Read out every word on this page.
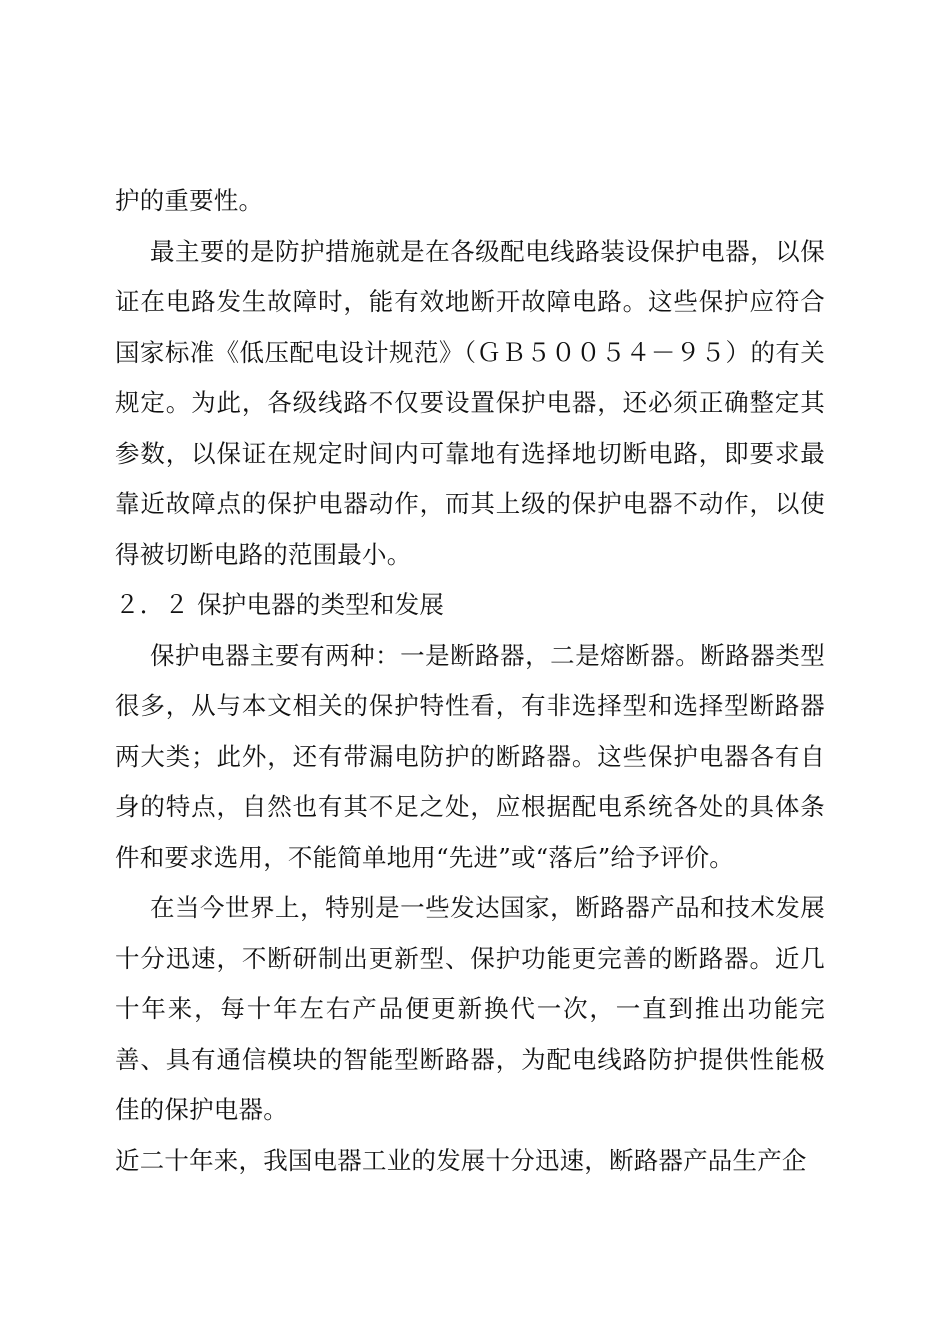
护的重要性。

最主要的是防护措施就是在各级配电线路装设保护电器，以保证在电路发生故障时，能有效地断开故障电路。这些保护应符合国家标准《低压配电设计规范》（ＧＢ５００５４－９５）的有关规定。为此，各级线路不仅要设置保护电器，还必须正确整定其参数，以保证在规定时间内可靠地有选择地切断电路，即要求最靠近故障点的保护电器动作，而其上级的保护电器不动作，以使得被切断电路的范围最小。

２．２ 保护电器的类型和发展

保护电器主要有两种：一是断路器，二是熔断器。断路器类型很多，从与本文相关的保护特性看，有非选择型和选择型断路器两大类；此外，还有带漏电防护的断路器。这些保护电器各有自身的特点，自然也有其不足之处，应根据配电系统各处的具体条件和要求选用，不能简单地用“先进”或“落后”给予评价。

在当今世界上，特别是一些发达国家，断路器产品和技术发展十分迅速，不断研制出更新型、保护功能更完善的断路器。近几十年来，每十年左右产品便更新换代一次，一直到推出功能完善、具有通信模块的智能型断路器，为配电线路防护提供性能极佳的保护电器。

近二十年来，我国电器工业的发展十分迅速，断路器产品生产企
